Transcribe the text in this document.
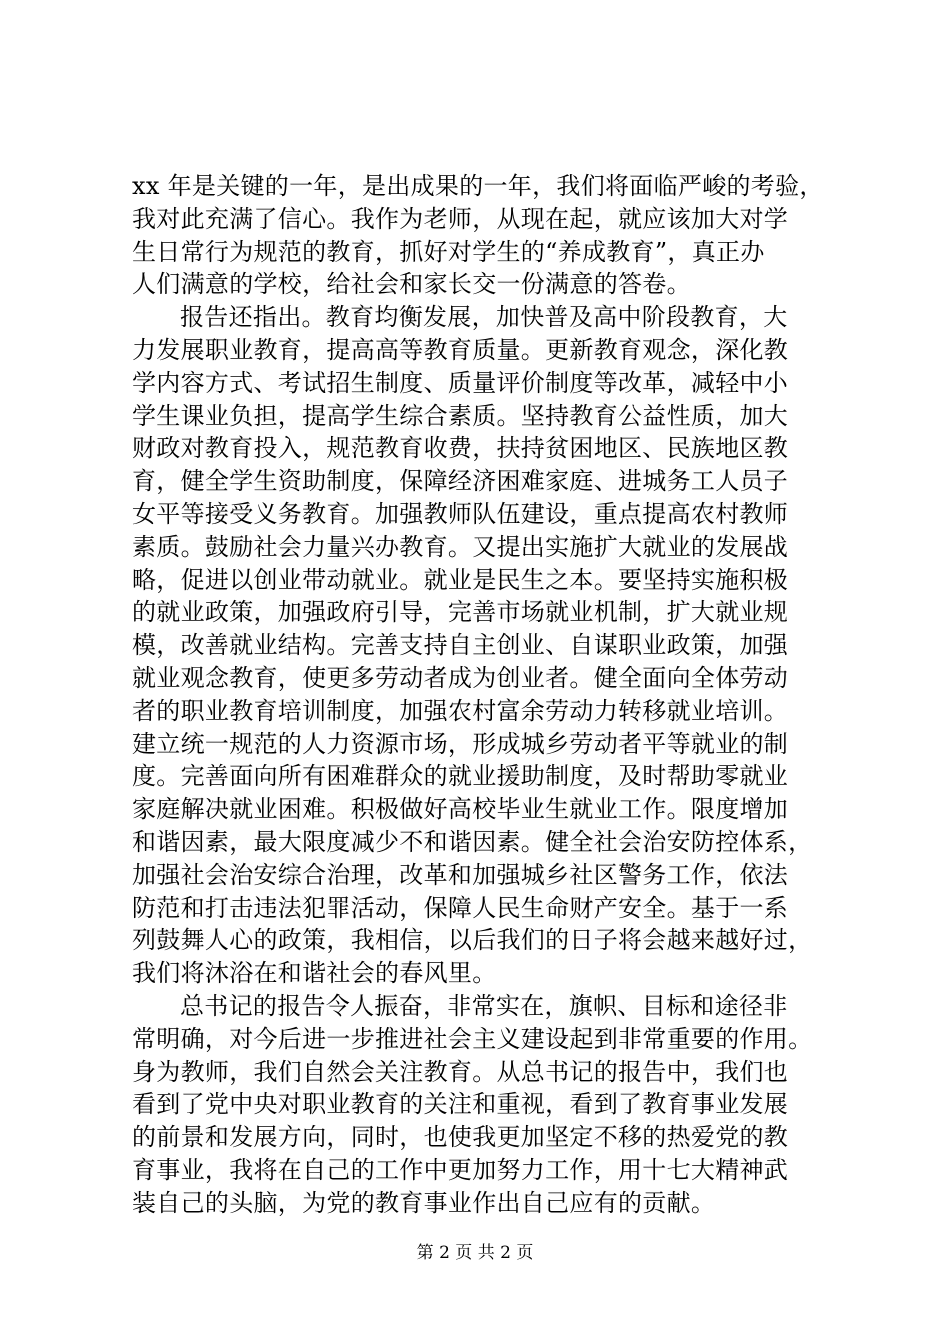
xx 年是关键的一年，是出成果的一年，我们将面临严峻的考验，
我对此充满了信心。我作为老师，从现在起，就应该加大对学
生日常行为规范的教育，抓好对学生的“养成教育”，真正办
人们满意的学校，给社会和家长交一份满意的答卷。
报告还指出。教育均衡发展，加快普及高中阶段教育，大
力发展职业教育，提高高等教育质量。更新教育观念，深化教
学内容方式、考试招生制度、质量评价制度等改革，减轻中小
学生课业负担，提高学生综合素质。坚持教育公益性质，加大
财政对教育投入，规范教育收费，扶持贫困地区、民族地区教
育，健全学生资助制度，保障经济困难家庭、进城务工人员子
女平等接受义务教育。加强教师队伍建设，重点提高农村教师
素质。鼓励社会力量兴办教育。又提出实施扩大就业的发展战
略，促进以创业带动就业。就业是民生之本。要坚持实施积极
的就业政策，加强政府引导，完善市场就业机制，扩大就业规
模，改善就业结构。完善支持自主创业、自谋职业政策，加强
就业观念教育，使更多劳动者成为创业者。健全面向全体劳动
者的职业教育培训制度，加强农村富余劳动力转移就业培训。
建立统一规范的人力资源市场，形成城乡劳动者平等就业的制
度。完善面向所有困难群众的就业援助制度，及时帮助零就业
家庭解决就业困难。积极做好高校毕业生就业工作。限度增加
和谐因素，最大限度减少不和谐因素。健全社会治安防控体系，
加强社会治安综合治理，改革和加强城乡社区警务工作，依法
防范和打击违法犯罪活动，保障人民生命财产安全。基于一系
列鼓舞人心的政策，我相信，以后我们的日子将会越来越好过，
我们将沐浴在和谐社会的春风里。
总书记的报告令人振奋，非常实在，旗帜、目标和途径非
常明确，对今后进一步推进社会主义建设起到非常重要的作用。
身为教师，我们自然会关注教育。从总书记的报告中，我们也
看到了党中央对职业教育的关注和重视，看到了教育事业发展
的前景和发展方向，同时，也使我更加坚定不移的热爱党的教
育事业，我将在自己的工作中更加努力工作，用十七大精神武
装自己的头脑，为党的教育事业作出自己应有的贡献。
第 2 页 共 2 页
